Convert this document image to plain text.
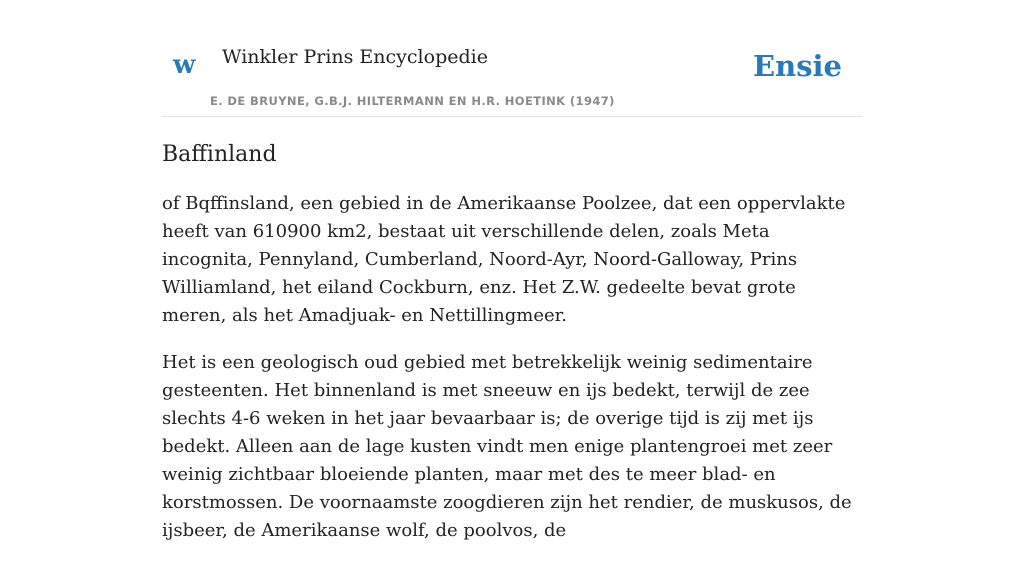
w Winkler Prins Encyclopedie
E. DE BRUYNE, G.B.J. HILTERMANN EN H.R. HOETINK (1947)
Ensie
Baffinland

of Bqffinsland, een gebied in de Amerikaanse Poolzee, dat een oppervlakte heeft van 610900 km2, bestaat uit verschillende delen, zoals Meta incognita, Pennyland, Cumberland, Noord-Ayr, Noord-Galloway, Prins Williamland, het eiland Cockburn, enz. Het Z.W. gedeelte bevat grote meren, als het Amadjuak- en Nettillingmeer.

Het is een geologisch oud gebied met betrekkelijk weinig sedimentaire gesteenten. Het binnenland is met sneeuw en ijs bedekt, terwijl de zee slechts 4-6 weken in het jaar bevaarbaar is; de overige tijd is zij met ijs bedekt. Alleen aan de lage kusten vindt men enige plantengroei met zeer weinig zichtbaar bloeiende planten, maar met des te meer blad- en korstmossen. De voornaamste zoogdieren zijn het rendier, de muskusos, de ijsbeer, de Amerikaanse wolf, de poolvos, de
